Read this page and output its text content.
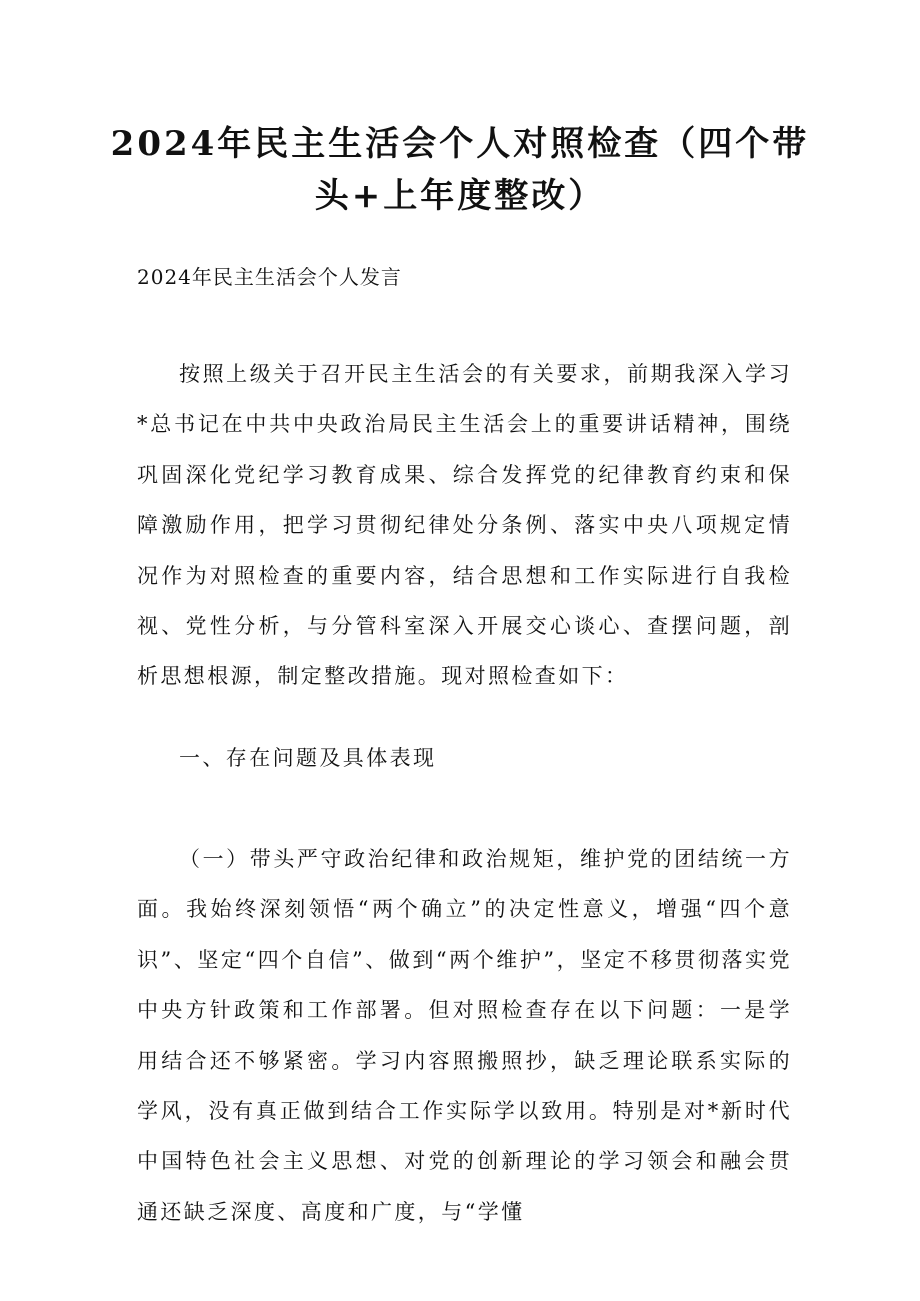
2024年民主生活会个人对照检查（四个带头+上年度整改）

2024年民主生活会个人发言

按照上级关于召开民主生活会的有关要求，前期我深入学习*总书记在中共中央政治局民主生活会上的重要讲话精神，围绕巩固深化党纪学习教育成果、综合发挥党的纪律教育约束和保障激励作用，把学习贯彻纪律处分条例、落实中央八项规定情况作为对照检查的重要内容，结合思想和工作实际进行自我检视、党性分析，与分管科室深入开展交心谈心、查摆问题，剖析思想根源，制定整改措施。现对照检查如下：

一、存在问题及具体表现

（一）带头严守政治纪律和政治规矩，维护党的团结统一方面。我始终深刻领悟“两个确立”的决定性意义，增强“四个意识”、坚定“四个自信”、做到“两个维护”，坚定不移贯彻落实党中央方针政策和工作部署。但对照检查存在以下问题：一是学用结合还不够紧密。学习内容照搬照抄，缺乏理论联系实际的学风，没有真正做到结合工作实际学以致用。特别是对*新时代中国特色社会主义思想、对党的创新理论的学习领会和融会贯通还缺乏深度、高度和广度，与“学懂
